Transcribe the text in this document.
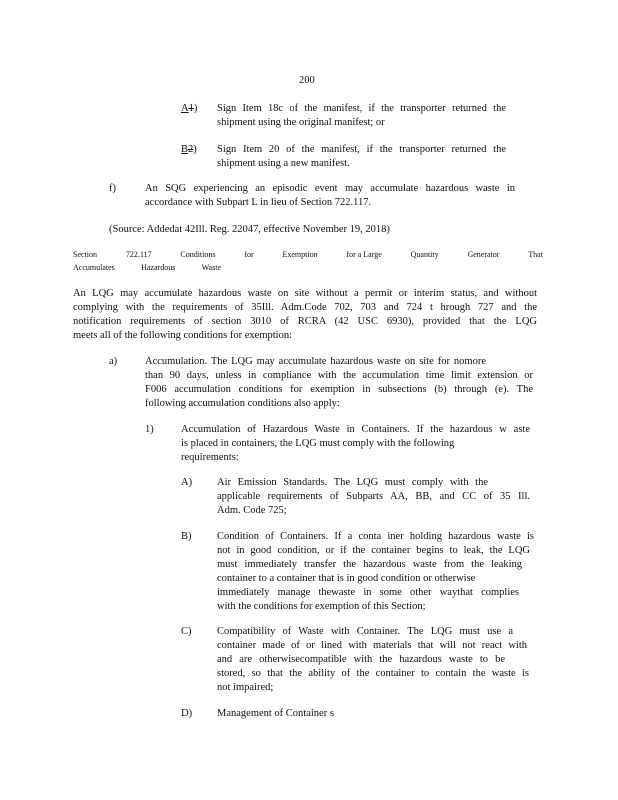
200
A1) Sign Item 18c of the manifest, if the transporter returned the
shipment using the original manifest; or
B2) Sign Item 20 of the manifest, if the transporter returned the
shipment using a new manifest.
f)	An SQG experiencing an episodic event may accumulate hazardous waste in
accordance with Subpart L in lieu of Section 722.117.
(Source: Addedat 42Ill. Reg. 22047, effective November 19, 2018)
Section	722.117	Conditions	for	Exemption	for a Large	Quantity	Generator	That
Accumulates	Hazardous	Waste
An LQG may accumulate hazardous waste on site without a permit or interim status, and without
complying with the requirements of 35Ill. Adm.Code 702, 703 and 724 t hrough 727 and the
notification requirements of section 3010 of RCRA (42 USC 6930), provided that the LQG
meets all of the following conditions for exemption:
a)	Accumulation. The LQG may accumulate hazardous waste on site for nomore
than 90 days, unless in compliance with the accumulation time limit extension or
F006 accumulation conditions for exemption in subsections (b) through (e). The
following accumulation conditions also apply:
1)	Accumulation of Hazardous Waste in Containers. If the hazardous w aste
is placed in containers, the LQG must comply with the following
requirements:
A) Air Emission Standards. The LQG must comply with the
applicable requirements of Subparts AA, BB, and CC of 35 Ill.
Adm. Code 725;
B) Condition of Containers. If a conta iner holding hazardous waste is
not in good condition, or if the container begins to leak, the LQG
must immediately transfer the hazardous waste from the leaking
container to a container that is in good condition or otherwise
immediately manage thewaste in some other waythat complies
with the conditions for exemption of this Section;
C) Compatibility of Waste with Container. The LQG must use a
container made of or lined with materials that will not react with
and are otherwisecompatible with the hazardous waste to be
stored, so that the ability of the container to contain the waste is
not impaired;
D) Management of Container s
